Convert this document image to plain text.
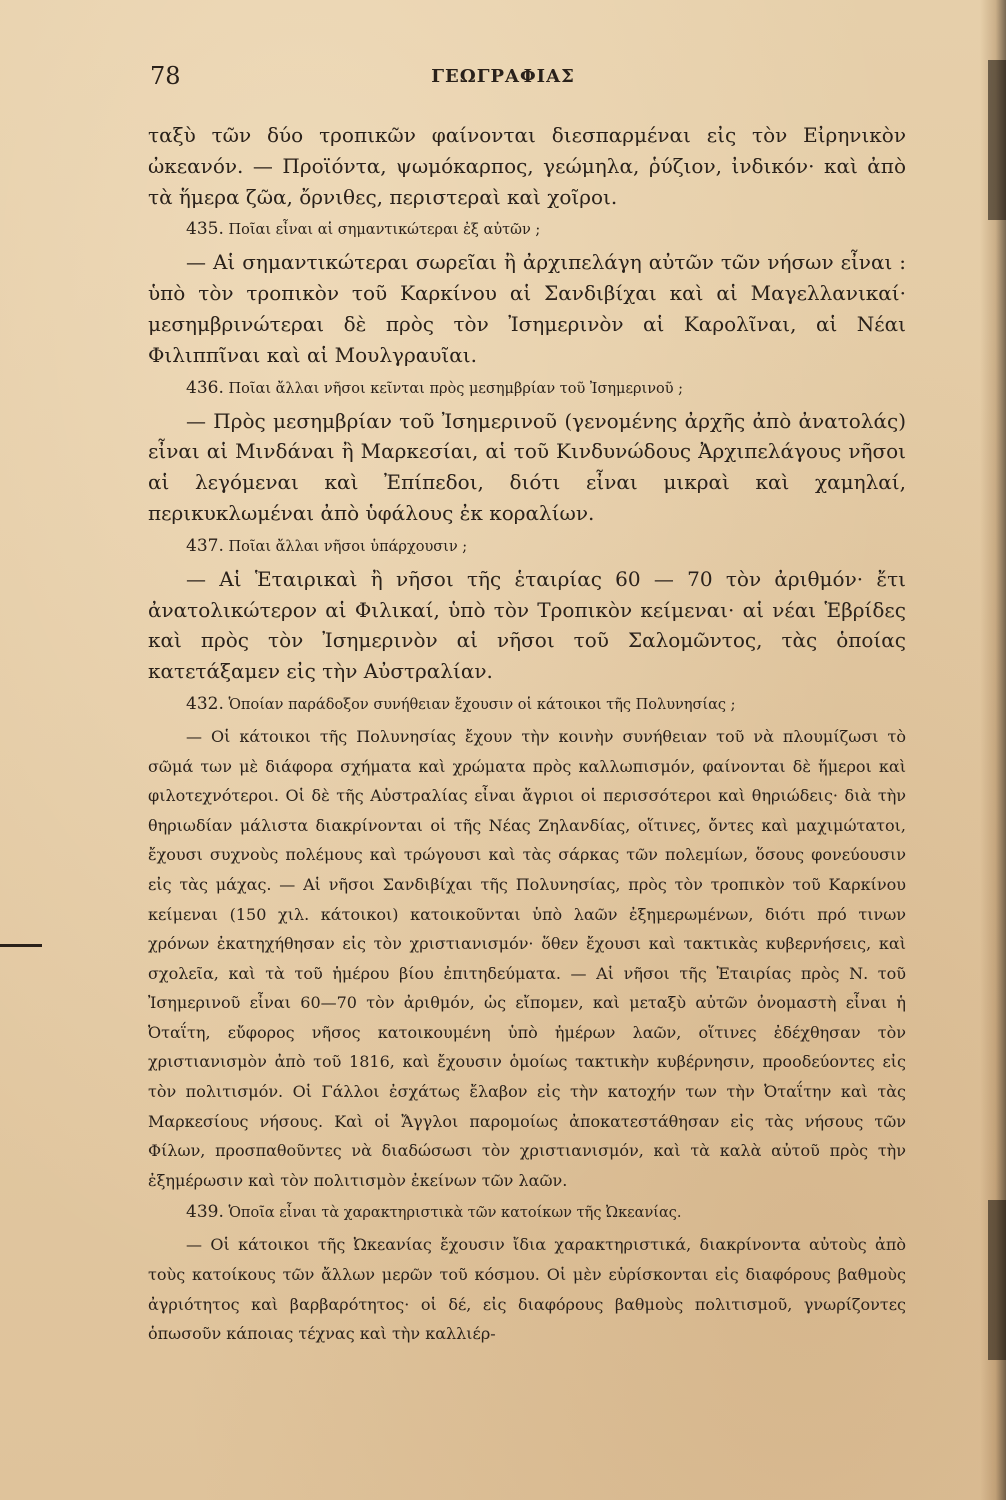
78	ΓΕΩΓΡΑΦΙΑΣ

ταξὺ τῶν δύο τροπικῶν φαίνονται διεσπαρμέναι εἰς τὸν Εἰρηνικὸν ὠκεανόν. — Προϊόντα, ψωμόκαρπος, γεώμηλα, ῥύζιον, ἰνδικόν· καὶ ἀπὸ τὰ ἥμερα ζῶα, ὄρνιθες, περιστεραὶ καὶ χοῖροι.

435. Ποῖαι εἶναι αἱ σημαντικώτεραι ἐξ αὐτῶν ;

— Αἱ σημαντικώτεραι σωρεῖαι ἢ ἀρχιπελάγη αὐτῶν τῶν νήσων εἶναι : ὑπὸ τὸν τροπικὸν τοῦ Καρκίνου αἱ Σανδιβίχαι καὶ αἱ Μαγελλανικαί· μεσημβρινώτεραι δὲ πρὸς τὸν Ἰσημερινὸν αἱ Καρολῖναι, αἱ Νέαι Φιλιππῖναι καὶ αἱ Μουλγραυῖαι.

436. Ποῖαι ἄλλαι νῆσοι κεῖνται πρὸς μεσημβρίαν τοῦ Ἰσημερινοῦ ;

— Πρὸς μεσημβρίαν τοῦ Ἰσημερινοῦ (γενομένης ἀρχῆς ἀπὸ ἀνατολάς) εἶναι αἱ Μινδάναι ἢ Μαρκεσίαι, αἱ τοῦ Κινδυνώδους Ἀρχιπελάγους νῆσοι αἱ λεγόμεναι καὶ Ἐπίπεδοι, διότι εἶναι μικραὶ καὶ χαμηλαί, περικυκλωμέναι ἀπὸ ὑφάλους ἐκ κοραλίων.

437. Ποῖαι ἄλλαι νῆσοι ὑπάρχουσιν ;

— Αἱ Ἑταιρικαὶ ἢ νῆσοι τῆς ἑταιρίας 60 — 70 τὸν ἀριθμόν· ἔτι ἀνατολικώτερον αἱ Φιλικαί, ὑπὸ τὸν Τροπικὸν κείμεναι· αἱ νέαι Ἑβρίδες καὶ πρὸς τὸν Ἰσημερινὸν αἱ νῆσοι τοῦ Σαλομῶντος, τὰς ὁποίας κατετάξαμεν εἰς τὴν Αὐστραλίαν.

432. Ὁποίαν παράδοξον συνήθειαν ἔχουσιν οἱ κάτοικοι τῆς Πολυνησίας ;

— Οἱ κάτοικοι τῆς Πολυνησίας ἔχουν τὴν κοινὴν συνήθειαν τοῦ νὰ πλουμίζωσι τὸ σῶμά των μὲ διάφορα σχήματα καὶ χρώματα πρὸς καλλωπισμόν, φαίνονται δὲ ἥμεροι καὶ φιλοτεχνότεροι. Οἱ δὲ τῆς Αὐστραλίας εἶναι ἄγριοι οἱ περισσότεροι καὶ θηριώδεις· διὰ τὴν θηριωδίαν μάλιστα διακρίνονται οἱ τῆς Νέας Ζηλανδίας, οἵτινες, ὄντες καὶ μαχιμώτατοι, ἔχουσι συχνοὺς πολέμους καὶ τρώγουσι καὶ τὰς σάρκας τῶν πολεμίων, ὅσους φονεύουσιν εἰς τὰς μάχας. — Αἱ νῆσοι Σανδιβίχαι τῆς Πολυνησίας, πρὸς τὸν τροπικὸν τοῦ Καρκίνου κείμεναι (150 χιλ. κάτοικοι) κατοικοῦνται ὑπὸ λαῶν ἐξημερωμένων, διότι πρό τινων χρόνων ἐκατηχήθησαν εἰς τὸν χριστιανισμόν· ὅθεν ἔχουσι καὶ τακτικὰς κυβερνήσεις, καὶ σχολεῖα, καὶ τὰ τοῦ ἡμέρου βίου ἐπιτηδεύματα. — Αἱ νῆσοι τῆς Ἑταιρίας πρὸς Ν. τοῦ Ἰσημερινοῦ εἶναι 60—70 τὸν ἀριθμόν, ὡς εἴπομεν, καὶ μεταξὺ αὐτῶν ὀνομαστὴ εἶναι ἡ Ὀταΐτη, εὔφορος νῆσος κατοικουμένη ὑπὸ ἡμέρων λαῶν, οἵτινες ἐδέχθησαν τὸν χριστιανισμὸν ἀπὸ τοῦ 1816, καὶ ἔχουσιν ὁμοίως τακτικὴν κυβέρνησιν, προοδεύοντες εἰς τὸν πολιτισμόν. Οἱ Γάλλοι ἐσχάτως ἔλαβον εἰς τὴν κατοχήν των τὴν Ὀταΐτην καὶ τὰς Μαρκεσίους νήσους. Καὶ οἱ Ἄγγλοι παρομοίως ἀποκατεστάθησαν εἰς τὰς νήσους τῶν Φίλων, προσπαθοῦντες νὰ διαδώσωσι τὸν χριστιανισμόν, καὶ τὰ καλὰ αὐτοῦ πρὸς τὴν ἐξημέρωσιν καὶ τὸν πολιτισμὸν ἐκείνων τῶν λαῶν.

439. Ὁποῖα εἶναι τὰ χαρακτηριστικὰ τῶν κατοίκων τῆς Ὠκεανίας.

— Οἱ κάτοικοι τῆς Ὠκεανίας ἔχουσιν ἴδια χαρακτηριστικά, διακρίνοντα αὐτοὺς ἀπὸ τοὺς κατοίκους τῶν ἄλλων μερῶν τοῦ κόσμου. Οἱ μὲν εὑρίσκονται εἰς διαφόρους βαθμοὺς ἀγριότητος καὶ βαρβαρότητος· οἱ δέ, εἰς διαφόρους βαθμοὺς πολιτισμοῦ, γνωρίζοντες ὁπωσοῦν κάποιας τέχνας καὶ τὴν καλλιέρ-
